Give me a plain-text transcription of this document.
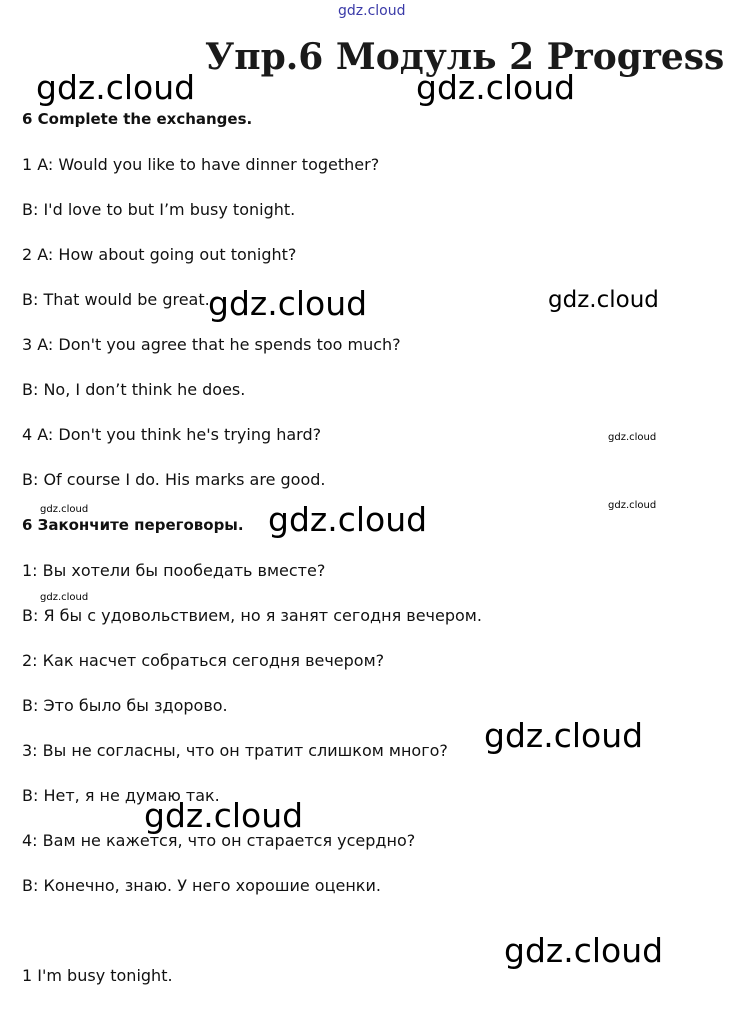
gdz.cloud
Упр.6 Модуль 2 Progress
6 Complete the exchanges.
1 A: Would you like to have dinner together?
B: I'd love to but I’m busy tonight.
2 A: How about going out tonight?
B: That would be great.
3 A: Don't you agree that he spends too much?
B: No, I don’t think he does.
4 A: Don't you think he's trying hard?
B: Of course I do. His marks are good.
6 Закончите переговоры.
1: Вы хотели бы пообедать вместе?
B: Я бы с удовольствием, но я занят сегодня вечером.
2: Как насчет собраться сегодня вечером?
B: Это было бы здорово.
3: Вы не согласны, что он тратит слишком много?
B: Нет, я не думаю так.
4: Вам не кажется, что он старается усердно?
B: Конечно, знаю. У него хорошие оценки.
1 I'm busy tonight.
gdz.cloud	gdz.cloud
gdz.cloud	gdz.cloud
gdz.cloud
gdz.cloud	gdz.cloud
gdz.cloud
gdz.cloud
gdz.cloud
gdz.cloud
gdz.cloud
